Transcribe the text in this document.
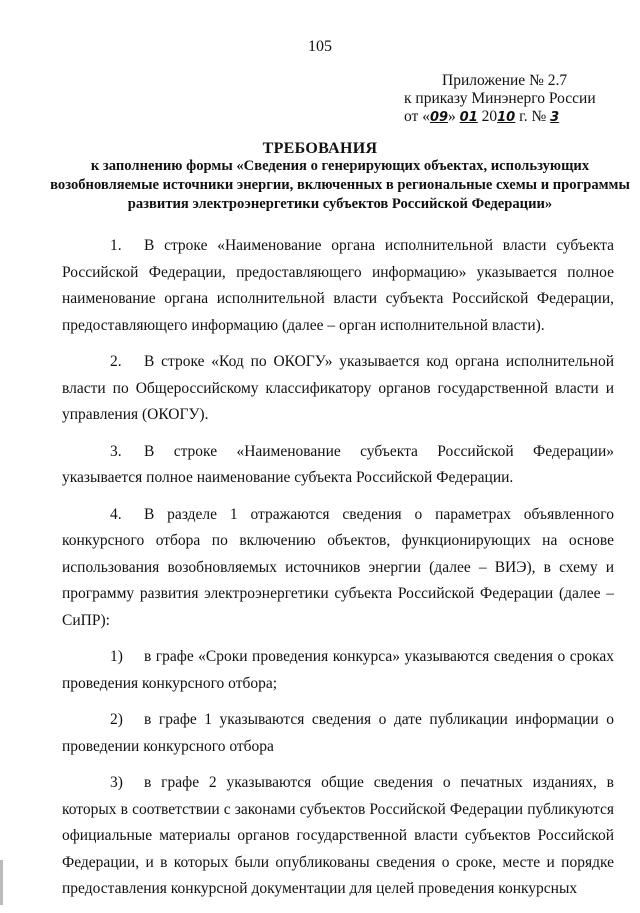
105
Приложение № 2.7
к приказу Минэнерго России
от «09» 01 2010 г. № 3
ТРЕБОВАНИЯ
к заполнению формы «Сведения о генерирующих объектах, использующих возобновляемые источники энергии, включенных в региональные схемы и программы развития электроэнергетики субъектов Российской Федерации»

1. В строке «Наименование органа исполнительной власти субъекта Российской Федерации, предоставляющего информацию» указывается полное наименование органа исполнительной власти субъекта Российской Федерации, предоставляющего информацию (далее – орган исполнительной власти).

2. В строке «Код по ОКОГУ» указывается код органа исполнительной власти по Общероссийскому классификатору органов государственной власти и управления (ОКОГУ).

3. В строке «Наименование субъекта Российской Федерации» указывается полное наименование субъекта Российской Федерации.

4. В разделе 1 отражаются сведения о параметрах объявленного конкурсного отбора по включению объектов, функционирующих на основе использования возобновляемых источников энергии (далее – ВИЭ), в схему и программу развития электроэнергетики субъекта Российской Федерации (далее – СиПР):

1) в графе «Сроки проведения конкурса» указываются сведения о сроках проведения конкурсного отбора;

2) в графе 1 указываются сведения о дате публикации информации о проведении конкурсного отбора

3) в графе 2 указываются общие сведения о печатных изданиях, в которых в соответствии с законами субъектов Российской Федерации публикуются официальные материалы органов государственной власти субъектов Российской Федерации, и в которых были опубликованы сведения о сроке, месте и порядке предоставления конкурсной документации для целей проведения конкурсных
